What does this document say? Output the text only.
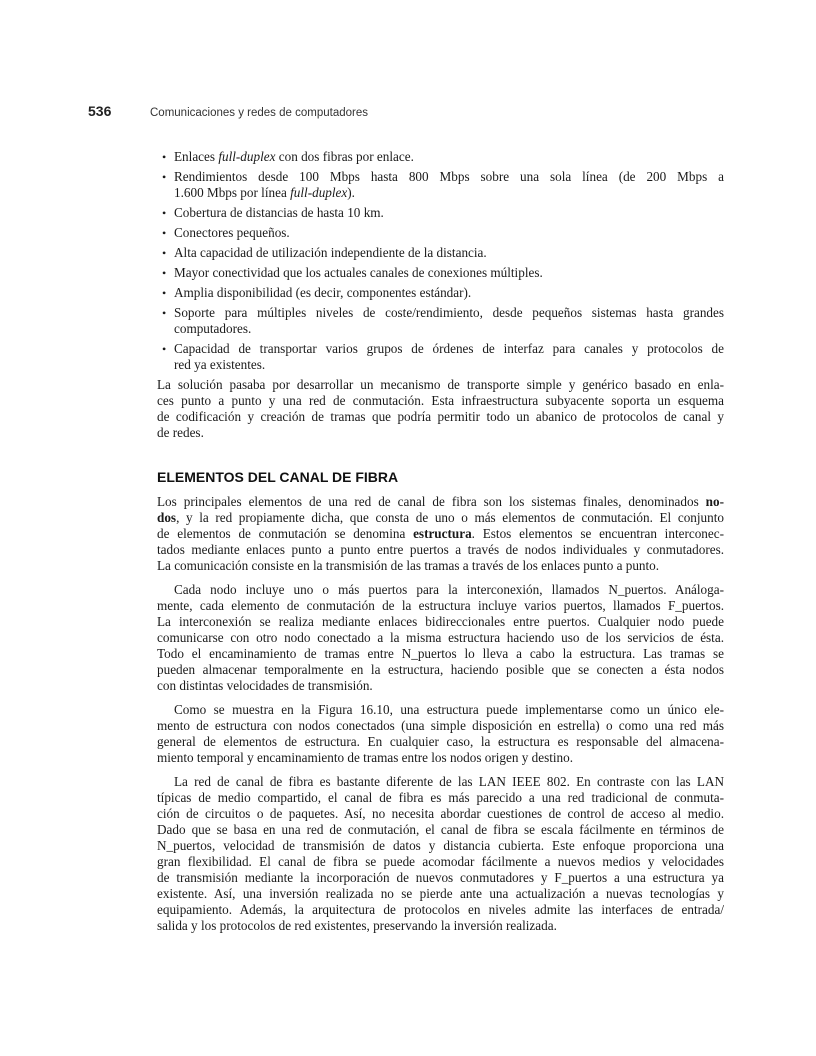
536	Comunicaciones y redes de computadores
• Enlaces full-duplex con dos fibras por enlace.
• Rendimientos desde 100 Mbps hasta 800 Mbps sobre una sola línea (de 200 Mbps a
1.600 Mbps por línea full-duplex).
• Cobertura de distancias de hasta 10 km.
• Conectores pequeños.
• Alta capacidad de utilización independiente de la distancia.
• Mayor conectividad que los actuales canales de conexiones múltiples.
• Amplia disponibilidad (es decir, componentes estándar).
• Soporte para múltiples niveles de coste/rendimiento, desde pequeños sistemas hasta grandes
computadores.
• Capacidad de transportar varios grupos de órdenes de interfaz para canales y protocolos de
red ya existentes.
La solución pasaba por desarrollar un mecanismo de transporte simple y genérico basado en enla-
ces punto a punto y una red de conmutación. Esta infraestructura subyacente soporta un esquema
de codificación y creación de tramas que podría permitir todo un abanico de protocolos de canal y
de redes.
ELEMENTOS DEL CANAL DE FIBRA
Los principales elementos de una red de canal de fibra son los sistemas finales, denominados no-
dos, y la red propiamente dicha, que consta de uno o más elementos de conmutación. El conjunto
de elementos de conmutación se denomina estructura. Estos elementos se encuentran interconec-
tados mediante enlaces punto a punto entre puertos a través de nodos individuales y conmutadores.
La comunicación consiste en la transmisión de las tramas a través de los enlaces punto a punto.
Cada nodo incluye uno o más puertos para la interconexión, llamados N_puertos. Análoga-
mente, cada elemento de conmutación de la estructura incluye varios puertos, llamados F_puertos.
La interconexión se realiza mediante enlaces bidireccionales entre puertos. Cualquier nodo puede
comunicarse con otro nodo conectado a la misma estructura haciendo uso de los servicios de ésta.
Todo el encaminamiento de tramas entre N_puertos lo lleva a cabo la estructura. Las tramas se
pueden almacenar temporalmente en la estructura, haciendo posible que se conecten a ésta nodos
con distintas velocidades de transmisión.
Como se muestra en la Figura 16.10, una estructura puede implementarse como un único ele-
mento de estructura con nodos conectados (una simple disposición en estrella) o como una red más
general de elementos de estructura. En cualquier caso, la estructura es responsable del almacena-
miento temporal y encaminamiento de tramas entre los nodos origen y destino.
La red de canal de fibra es bastante diferente de las LAN IEEE 802. En contraste con las LAN
típicas de medio compartido, el canal de fibra es más parecido a una red tradicional de conmuta-
ción de circuitos o de paquetes. Así, no necesita abordar cuestiones de control de acceso al medio.
Dado que se basa en una red de conmutación, el canal de fibra se escala fácilmente en términos de
N_puertos, velocidad de transmisión de datos y distancia cubierta. Este enfoque proporciona una
gran flexibilidad. El canal de fibra se puede acomodar fácilmente a nuevos medios y velocidades
de transmisión mediante la incorporación de nuevos conmutadores y F_puertos a una estructura ya
existente. Así, una inversión realizada no se pierde ante una actualización a nuevas tecnologías y
equipamiento. Además, la arquitectura de protocolos en niveles admite las interfaces de entrada/
salida y los protocolos de red existentes, preservando la inversión realizada.
